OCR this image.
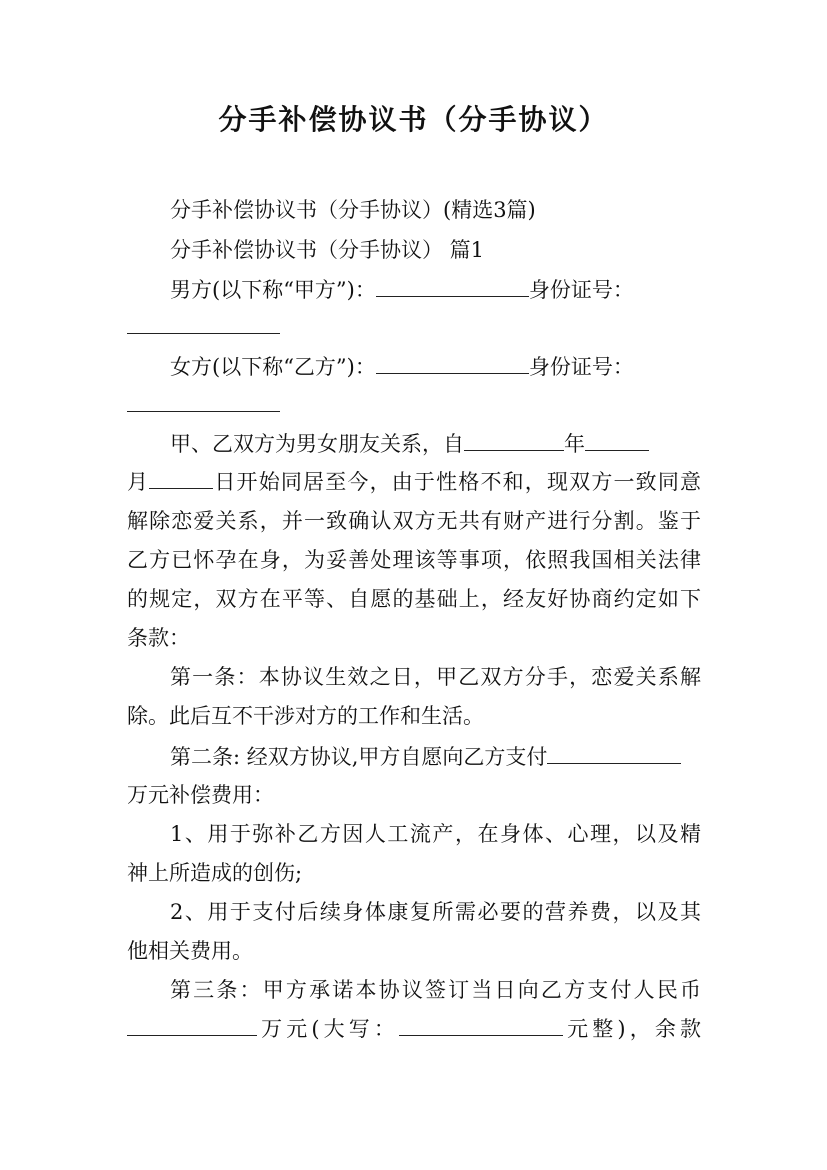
分手补偿协议书（分手协议）
分手补偿协议书（分手协议）(精选3篇)
分手补偿协议书（分手协议） 篇1
男方(以下称“甲方”)：	身份证号：
女方(以下称“乙方”)：	身份证号：
甲、乙双方为男女朋友关系，自	年
月	日开始同居至今，由于性格不和，现双方一致同意
解除恋爱关系，并一致确认双方无共有财产进行分割。鉴于
乙方已怀孕在身，为妥善处理该等事项，依照我国相关法律
的规定，双方在平等、自愿的基础上，经友好协商约定如下
条款：
第一条：本协议生效之日，甲乙双方分手，恋爱关系解
除。此后互不干涉对方的工作和生活。
第二条: 经双方协议,甲方自愿向乙方支付
万元补偿费用：
1、用于弥补乙方因人工流产，在身体、心理，以及精
神上所造成的创伤;
2、用于支付后续身体康复所需必要的营养费，以及其
他相关费用。
第三条：甲方承诺本协议签订当日向乙方支付人民币
万元(大写：	元整)，余款
